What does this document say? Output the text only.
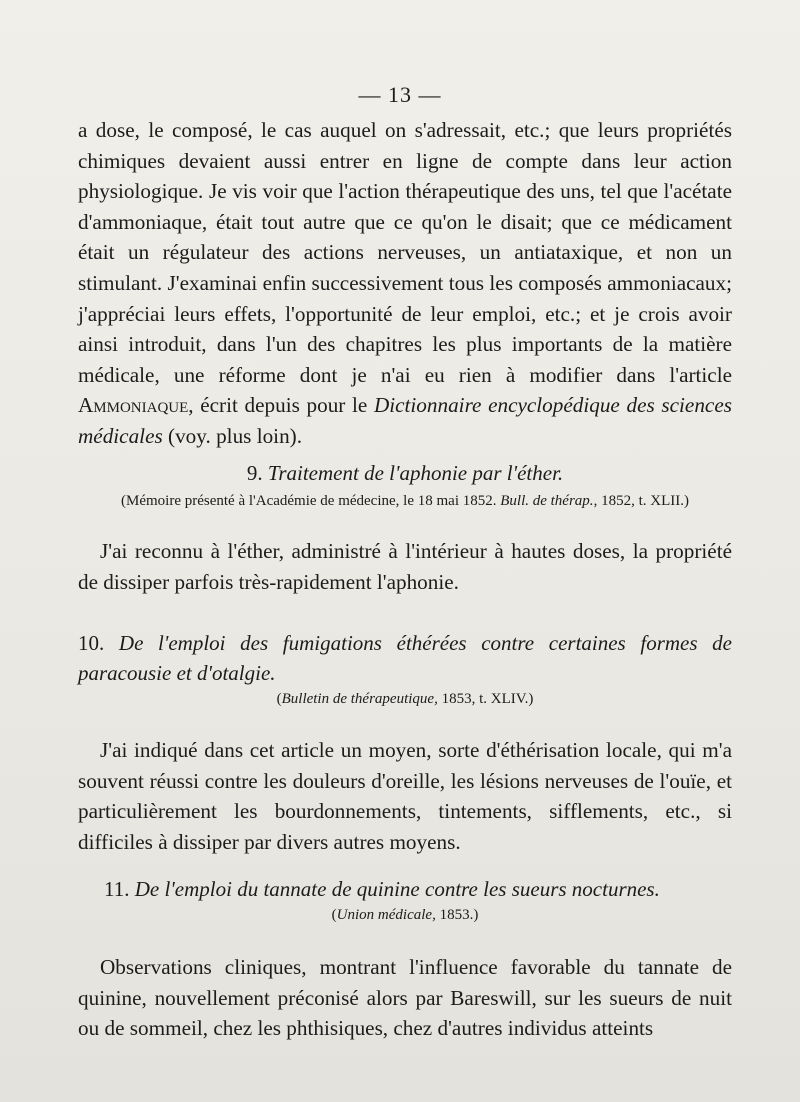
— 13 —

a dose, le composé, le cas auquel on s'adressait, etc.; que leurs propriétés chimiques devaient aussi entrer en ligne de compte dans leur action physiologique. Je vis voir que l'action thérapeutique des uns, tel que l'acétate d'ammoniaque, était tout autre que ce qu'on le disait; que ce médicament était un régulateur des actions nerveuses, un antiataxique, et non un stimulant. J'examinai enfin successivement tous les composés ammoniacaux; j'appréciai leurs effets, l'opportunité de leur emploi, etc.; et je crois avoir ainsi introduit, dans l'un des chapitres les plus importants de la matière médicale, une réforme dont je n'ai eu rien à modifier dans l'article Ammoniaque, écrit depuis pour le Dictionnaire encyclopédique des sciences médicales (voy. plus loin).

9. Traitement de l'aphonie par l'éther.

(Mémoire présenté à l'Académie de médecine, le 18 mai 1852. Bull. de thérap., 1852, t. XLII.)

J'ai reconnu à l'éther, administré à l'intérieur à hautes doses, la propriété de dissiper parfois très-rapidement l'aphonie.

10. De l'emploi des fumigations éthérées contre certaines formes de paracousie et d'otalgie.

(Bulletin de thérapeutique, 1853, t. XLIV.)

J'ai indiqué dans cet article un moyen, sorte d'éthérisation locale, qui m'a souvent réussi contre les douleurs d'oreille, les lésions nerveuses de l'ouïe, et particulièrement les bourdonnements, tintements, sifflements, etc., si difficiles à dissiper par divers autres moyens.

11. De l'emploi du tannate de quinine contre les sueurs nocturnes.

(Union médicale, 1853.)

Observations cliniques, montrant l'influence favorable du tannate de quinine, nouvellement préconisé alors par Bareswill, sur les sueurs de nuit ou de sommeil, chez les phthisiques, chez d'autres individus atteints
